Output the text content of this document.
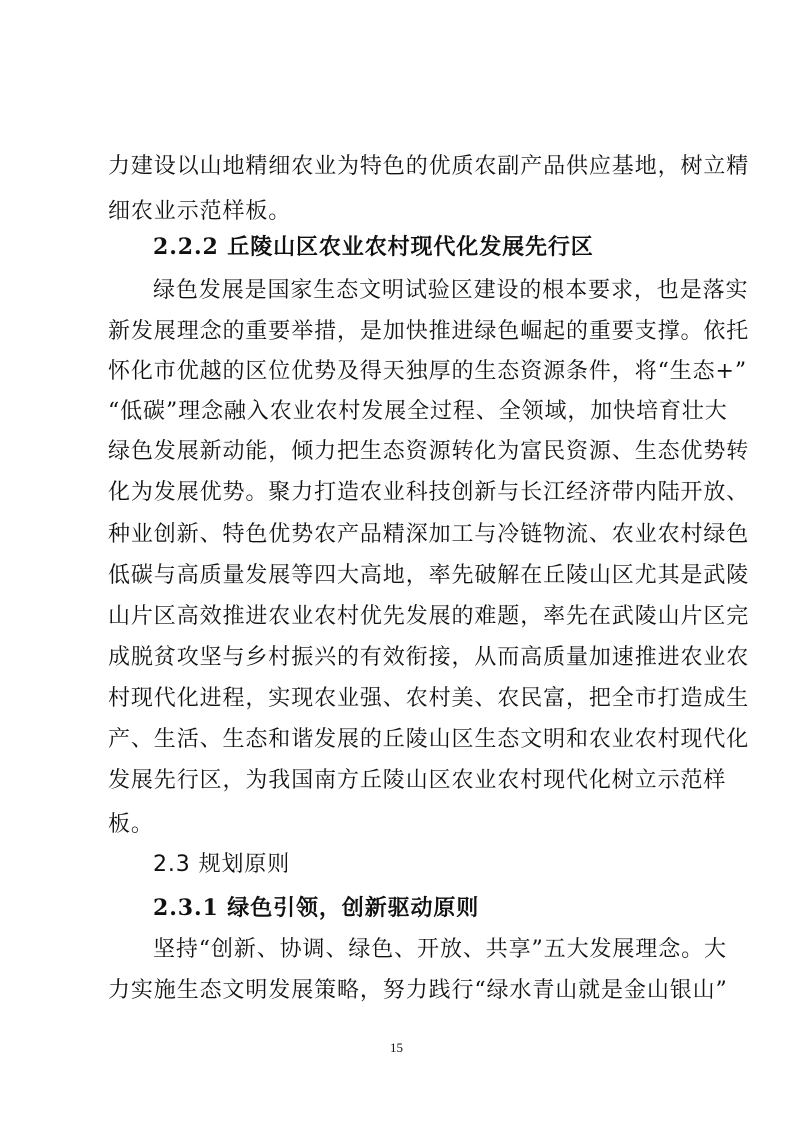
力建设以山地精细农业为特色的优质农副产品供应基地，树立精
细农业示范样板。
2.2.2 丘陵山区农业农村现代化发展先行区
绿色发展是国家生态文明试验区建设的根本要求，也是落实
新发展理念的重要举措，是加快推进绿色崛起的重要支撑。依托
怀化市优越的区位优势及得天独厚的生态资源条件，将“生态+”
“低碳”理念融入农业农村发展全过程、全领域，加快培育壮大
绿色发展新动能，倾力把生态资源转化为富民资源、生态优势转
化为发展优势。聚力打造农业科技创新与长江经济带内陆开放、
种业创新、特色优势农产品精深加工与冷链物流、农业农村绿色
低碳与高质量发展等四大高地，率先破解在丘陵山区尤其是武陵
山片区高效推进农业农村优先发展的难题，率先在武陵山片区完
成脱贫攻坚与乡村振兴的有效衔接，从而高质量加速推进农业农
村现代化进程，实现农业强、农村美、农民富，把全市打造成生
产、生活、生态和谐发展的丘陵山区生态文明和农业农村现代化
发展先行区，为我国南方丘陵山区农业农村现代化树立示范样
板。
2.3 规划原则
2.3.1 绿色引领，创新驱动原则
坚持“创新、协调、绿色、开放、共享”五大发展理念。大
力实施生态文明发展策略，努力践行“绿水青山就是金山银山”
15
